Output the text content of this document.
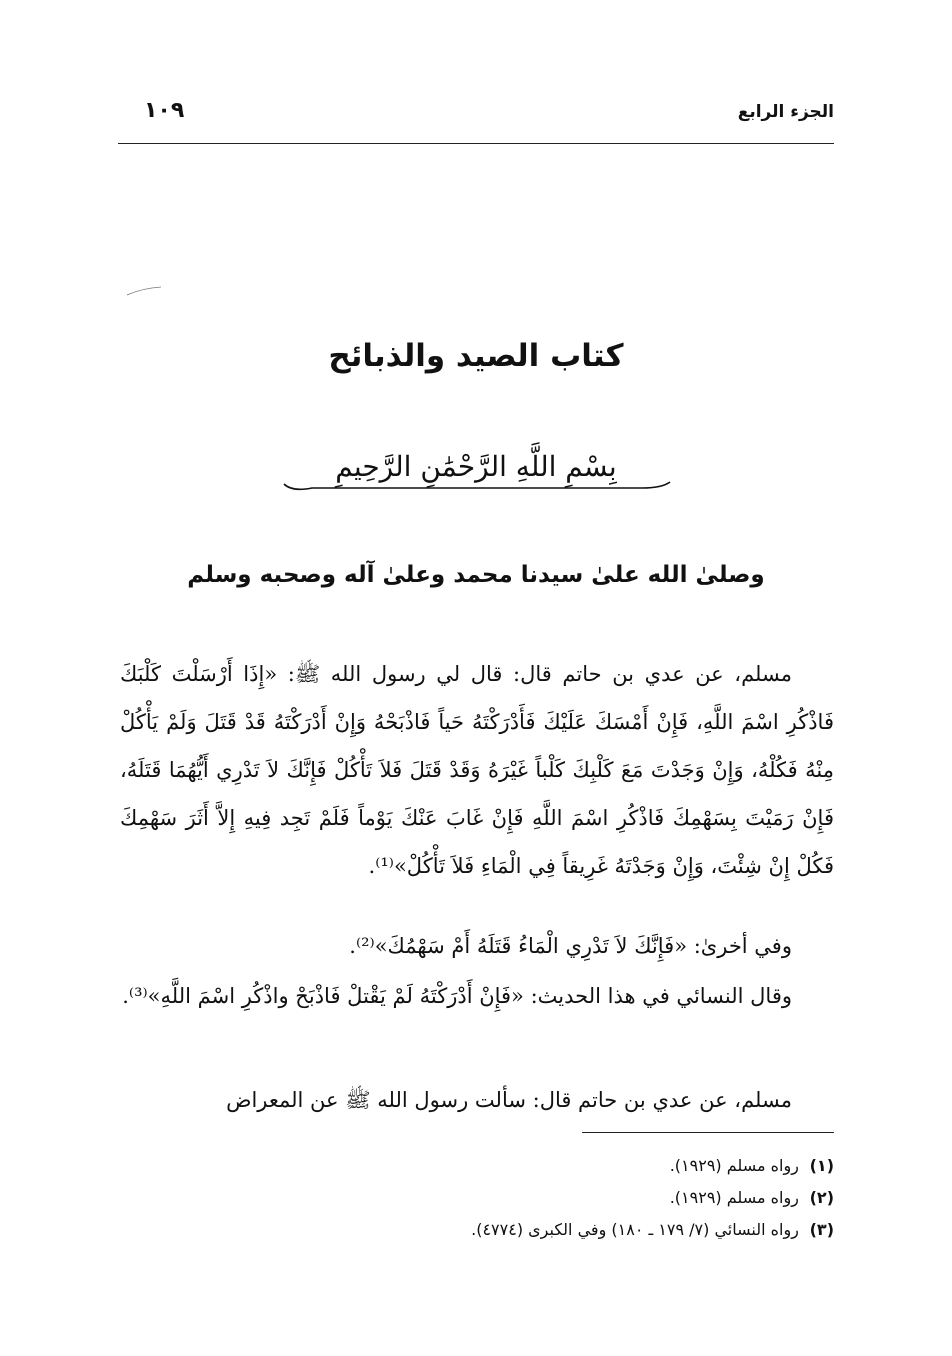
الجزء الرابع
١٠٩
كتاب الصيد والذبائح
بِسْمِ اللَّهِ الرَّحْمَٰنِ الرَّحِيمِ
وصلىٰ الله علىٰ سيدنا محمد وعلىٰ آله وصحبه وسلم
مسلم، عن عدي بن حاتم قال: قال لي رسول الله ﷺ: «إِذَا أَرْسَلْتَ كَلْبَكَ فَاذْكُرِ اسْمَ اللَّهِ، فَإِنْ أَمْسَكَ عَلَيْكَ فَأَدْرَكْتَهُ حَياً فَاذْبَحْهُ وَإِنْ أَدْرَكْتَهُ قَدْ قَتَلَ وَلَمْ يَأْكُلْ مِنْهُ فَكُلْهُ، وَإِنْ وَجَدْتَ مَعَ كَلْبِكَ كَلْباً غَيْرَهُ وَقَدْ قَتَلَ فَلاَ تَأْكُلْ فَإِنَّكَ لاَ تَدْرِي أَيُّهُمَا قَتَلَهُ، فَإِنْ رَمَيْتَ بِسَهْمِكَ فَاذْكُرِ اسْمَ اللَّهِ فَإِنْ غَابَ عَنْكَ يَوْماً فَلَمْ تَجِد فِيهِ إِلاَّ أَثَرَ سَهْمِكَ فَكُلْ إِنْ شِئْتَ، وَإِنْ وَجَدْتَهُ غَرِيقاً فِي الْمَاءِ فَلاَ تَأْكُلْ»⁽¹⁾.
وفي أخرىٰ: «فَإِنَّكَ لاَ تَدْرِي الْمَاءُ قَتَلَهُ أَمْ سَهْمُكَ»⁽²⁾.
وقال النسائي في هذا الحديث: «فَإِنْ أَدْرَكْتَهُ لَمْ يَقْتلْ فَاذْبَحْ واذْكُرِ اسْمَ اللَّهِ»⁽³⁾.
مسلم، عن عدي بن حاتم قال: سألت رسول الله ﷺ عن المعراض
(١) رواه مسلم (١٩٢٩).
(٢) رواه مسلم (١٩٢٩).
(٣) رواه النسائي (٧/ ١٧٩ ـ ١٨٠) وفي الكبرى (٤٧٧٤).
